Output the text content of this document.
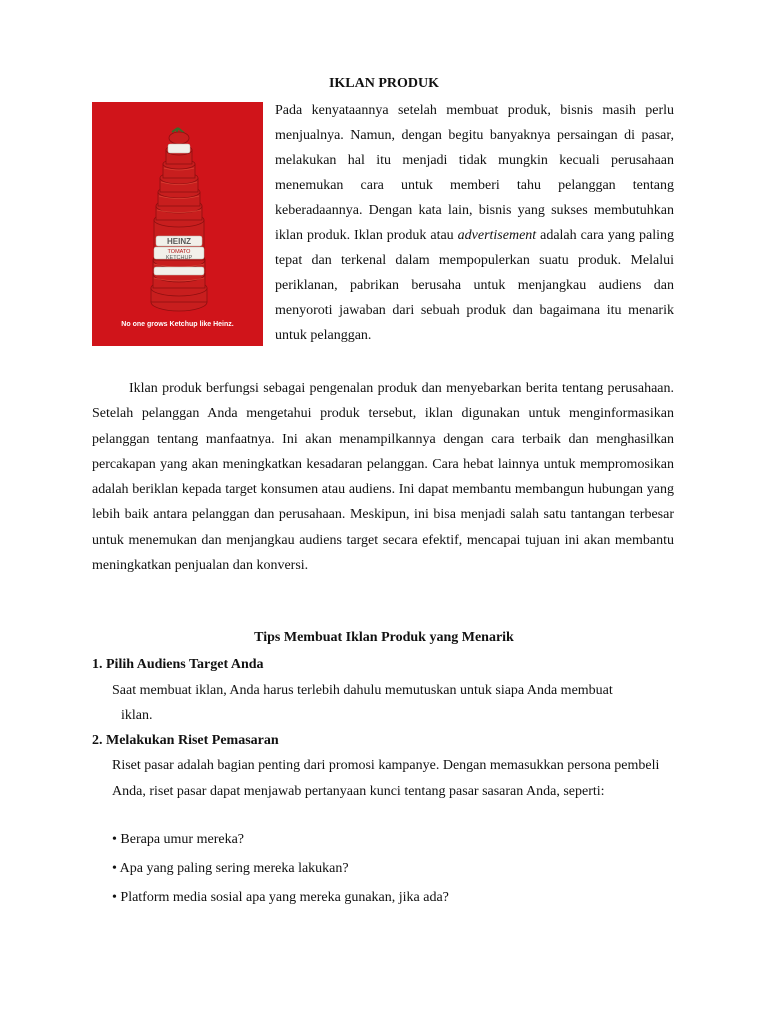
IKLAN PRODUK
HEINZ
TOMATO
KETCHUP
No one grows Ketchup like Heinz.

Pada kenyataannya setelah membuat produk, bisnis masih perlu menjualnya. Namun, dengan begitu banyaknya persaingan di pasar, melakukan hal itu menjadi tidak mungkin kecuali perusahaan menemukan cara untuk memberi tahu pelanggan tentang keberadaannya. Dengan kata lain, bisnis yang sukses membutuhkan iklan produk. Iklan produk atau advertisement adalah cara yang paling tepat dan terkenal dalam mempopulerkan suatu produk. Melalui periklanan, pabrikan berusaha untuk menjangkau audiens dan menyoroti jawaban dari sebuah produk dan bagaimana itu menarik untuk pelanggan.

Iklan produk berfungsi sebagai pengenalan produk dan menyebarkan berita tentang perusahaan. Setelah pelanggan Anda mengetahui produk tersebut, iklan digunakan untuk menginformasikan pelanggan tentang manfaatnya. Ini akan menampilkannya dengan cara terbaik dan menghasilkan percakapan yang akan meningkatkan kesadaran pelanggan. Cara hebat lainnya untuk mempromosikan adalah beriklan kepada target konsumen atau audiens. Ini dapat membantu membangun hubungan yang lebih baik antara pelanggan dan perusahaan. Meskipun, ini bisa menjadi salah satu tantangan terbesar untuk menemukan dan menjangkau audiens target secara efektif, mencapai tujuan ini akan membantu meningkatkan penjualan dan konversi.

Tips Membuat Iklan Produk yang Menarik
1. Pilih Audiens Target Anda
Saat membuat iklan, Anda harus terlebih dahulu memutuskan untuk siapa Anda membuat
iklan.
2. Melakukan Riset Pemasaran

Riset pasar adalah bagian penting dari promosi kampanye. Dengan memasukkan persona pembeli Anda, riset pasar dapat menjawab pertanyaan kunci tentang pasar sasaran Anda, seperti:

• Berapa umur mereka?
• Apa yang paling sering mereka lakukan?
• Platform media sosial apa yang mereka gunakan, jika ada?
